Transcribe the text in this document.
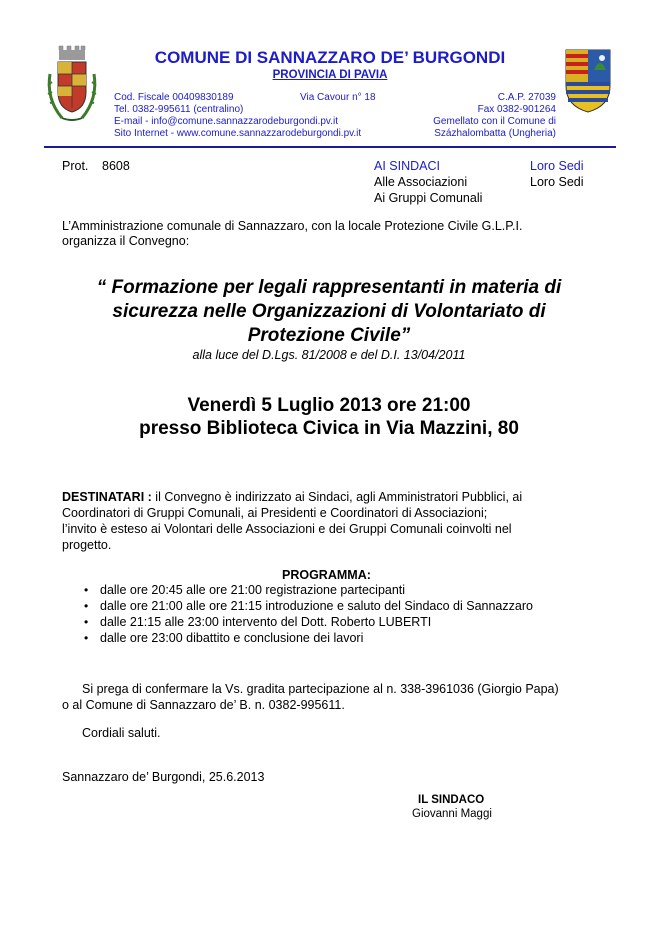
COMUNE DI SANNAZZARO DE’ BURGONDI
PROVINCIA DI PAVIA
Cod. Fiscale 00409830189	Via Cavour n° 18	C.A.P. 27039
Tel. 0382-995611 (centralino)	Fax 0382-901264
E-mail - info@comune.sannazzarodeburgondi.pv.it	Gemellato con il Comune di
Sito Internet - www.comune.sannazzarodeburgondi.pv.it	Százhalombatta (Ungheria)
Prot. 8608	AI SINDACI	Loro Sedi
Alle Associazioni	Loro Sedi
Ai Gruppi Comunali
L’Amministrazione comunale di Sannazzaro, con la locale Protezione Civile G.L.P.I.
organizza il Convegno:
“ Formazione per legali rappresentanti in materia di
sicurezza nelle Organizzazioni di Volontariato di
Protezione Civile”
alla luce del D.Lgs. 81/2008 e del D.I. 13/04/2011
Venerdì 5 Luglio 2013 ore 21:00
presso Biblioteca Civica in Via Mazzini, 80
DESTINATARI : il Convegno è indirizzato ai Sindaci, agli Amministratori Pubblici, ai
Coordinatori di Gruppi Comunali, ai Presidenti e Coordinatori di Associazioni;
l’invito è esteso ai Volontari delle Associazioni e dei Gruppi Comunali coinvolti nel
progetto.
PROGRAMMA:
• dalle ore 20:45 alle ore 21:00 registrazione partecipanti
• dalle ore 21:00 alle ore 21:15 introduzione e saluto del Sindaco di Sannazzaro
• dalle 21:15 alle 23:00 intervento del Dott. Roberto LUBERTI
• dalle ore 23:00 dibattito e conclusione dei lavori
Si prega di confermare la Vs. gradita partecipazione al n. 338-3961036 (Giorgio Papa)
o al Comune di Sannazzaro de’ B. n. 0382-995611.
Cordiali saluti.
Sannazzaro de’ Burgondi, 25.6.2013
IL SINDACO
Giovanni Maggi
